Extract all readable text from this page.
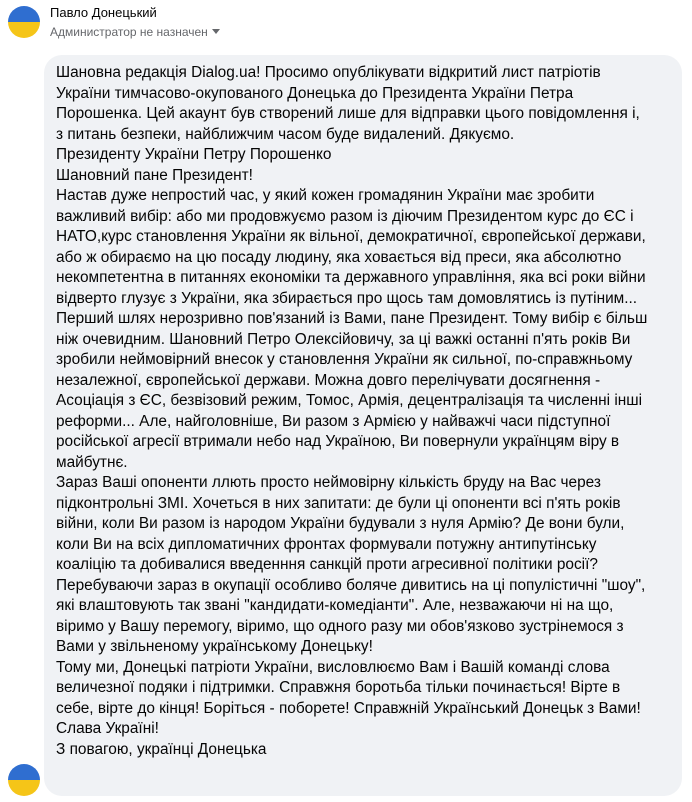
Павло Донецький
Администратор не назначен
Шановна редакція Dialog.ua! Просимо опублікувати відкритий лист патріотів
України тимчасово-окупованого Донецька до Президента України Петра
Порошенка. Цей акаунт був створений лише для відправки цього повідомлення і,
з питань безпеки, найближчим часом буде видалений. Дякуємо.
Президенту України Петру Порошенко
Шановний пане Президент!
Настав дуже непростий час, у який кожен громадянин України має зробити
важливий вибір: або ми продовжуємо разом із діючим Президентом курс до ЄС і
НАТО,курс становлення України як вільної, демократичної, європейської держави,
або ж обираємо на цю посаду людину, яка ховається від преси, яка абсолютно
некомпетентна в питаннях економіки та державного управління, яка всі роки війни
відверто глузує з України, яка збирається про щось там домовлятись із путіним...
Перший шлях нерозривно пов'язаний із Вами, пане Президент. Тому вибір є більш
ніж очевидним. Шановний Петро Олексійовичу, за ці важкі останні п'ять років Ви
зробили неймовірний внесок у становлення України як сильної, по-справжньому
незалежної, європейської держави. Можна довго перелічувати досягнення -
Асоціація з ЄС, безвізовий режим, Томос, Армія, децентралізація та численні інші
реформи... Але, найголовніше, Ви разом з Армією у найважчі часи підступної
російської агресії втримали небо над Україною, Ви повернули українцям віру в
майбутнє.
Зараз Ваші опоненти ллють просто неймовірну кількість бруду на Вас через
підконтрольні ЗМІ. Хочеться в них запитати: де були ці опоненти всі п'ять років
війни, коли Ви разом із народом України будували з нуля Армію? Де вони були,
коли Ви на всіх дипломатичних фронтах формували потужну антипутінську
коаліцію та добивалися введенння санкцій проти агресивної політики росії?
Перебуваючи зараз в окупації особливо боляче дивитись на ці популістичні "шоу",
які влаштовують так звані "кандидати-комедіанти". Але, незважаючи ні на що,
віримо у Вашу перемогу, віримо, що одного разу ми обов'язково зустрінемося з
Вами у звільненому українському Донецьку!
Тому ми, Донецькі патріоти України, висловлюємо Вам і Вашій команді слова
величезної подяки і підтримки. Справжня боротьба тільки починається! Вірте в
себе, вірте до кінця! Боріться - поборете! Справжній Український Донецьк з Вами!
Слава Україні!
З повагою, українці Донецька
